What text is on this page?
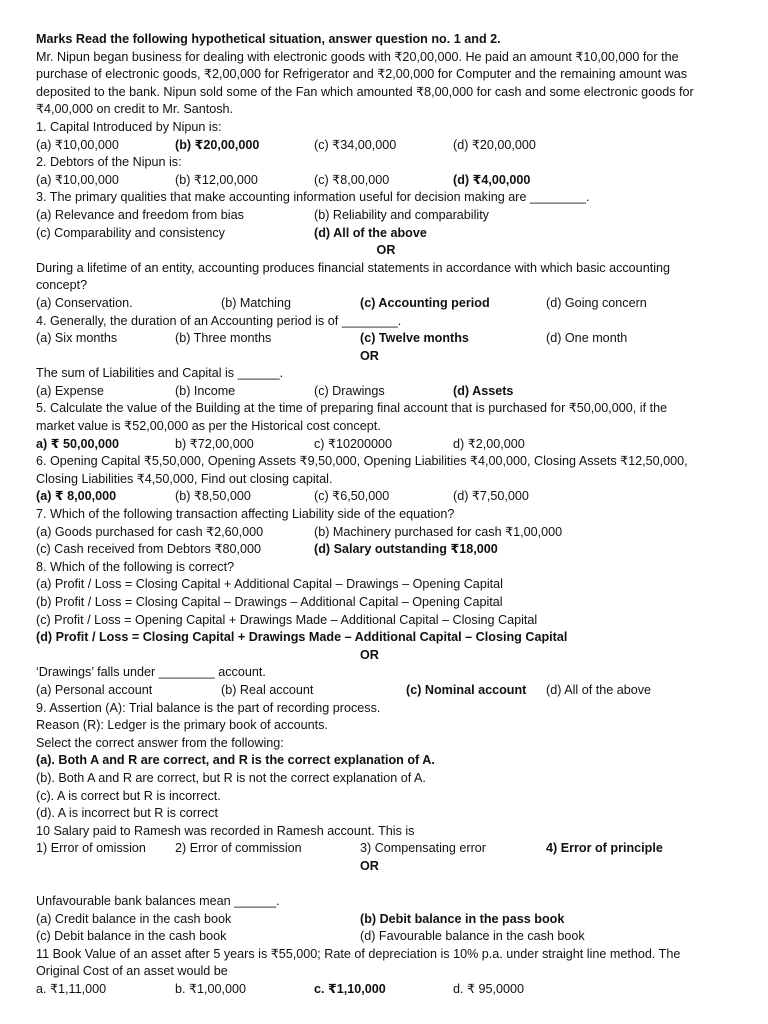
Marks Read the following hypothetical situation, answer question no. 1 and 2.
Mr. Nipun began business for dealing with electronic goods with ₹20,00,000. He paid an amount ₹10,00,000 for the
purchase of electronic goods, ₹2,00,000 for Refrigerator and ₹2,00,000 for Computer and the remaining amount was
deposited to the bank. Nipun sold some of the Fan which amounted ₹8,00,000 for cash and some electronic goods for
₹4,00,000 on credit to Mr. Santosh.
1. Capital Introduced by Nipun is:
(a) ₹10,00,000	(b) ₹20,00,000	(c) ₹34,00,000	(d) ₹20,00,000
2. Debtors of the Nipun is:
(a) ₹10,00,000	(b) ₹12,00,000	(c) ₹8,00,000	(d) ₹4,00,000
3. The primary qualities that make accounting information useful for decision making are ________.
(a) Relevance and freedom from bias	(b) Reliability and comparability
(c) Comparability and consistency	(d) All of the above
OR
During a lifetime of an entity, accounting produces financial statements in accordance with which basic accounting
concept?
(a) Conservation.	(b) Matching	(c) Accounting period	(d) Going concern
4. Generally, the duration of an Accounting period is of ________.
(a) Six months	(b) Three months	(c) Twelve months	(d) One month
OR
The sum of Liabilities and Capital is ______.
(a) Expense	(b) Income	(c) Drawings	(d) Assets
5. Calculate the value of the Building at the time of preparing final account that is purchased for ₹50,00,000, if the
market value is ₹52,00,000 as per the Historical cost concept.
a) ₹ 50,00,000	b) ₹72,00,000	c) ₹10200000	d) ₹2,00,000
6. Opening Capital ₹5,50,000, Opening Assets ₹9,50,000, Opening Liabilities ₹4,00,000, Closing Assets ₹12,50,000,
Closing Liabilities ₹4,50,000, Find out closing capital.
(a) ₹ 8,00,000	(b) ₹8,50,000	(c) ₹6,50,000	(d) ₹7,50,000
7. Which of the following transaction affecting Liability side of the equation?
(a) Goods purchased for cash ₹2,60,000	(b) Machinery purchased for cash ₹1,00,000
(c) Cash received from Debtors ₹80,000	(d) Salary outstanding ₹18,000
8. Which of the following is correct?
(a) Profit / Loss = Closing Capital + Additional Capital – Drawings – Opening Capital
(b) Profit / Loss = Closing Capital – Drawings – Additional Capital – Opening Capital
(c) Profit / Loss = Opening Capital + Drawings Made – Additional Capital – Closing Capital
(d) Profit / Loss = Closing Capital + Drawings Made – Additional Capital – Closing Capital
OR
‘Drawings’ falls under ________ account.
(a) Personal account	(b) Real account	(c) Nominal account (d) All of the above
9. Assertion (A): Trial balance is the part of recording process.
Reason (R): Ledger is the primary book of accounts.
Select the correct answer from the following:
(a). Both A and R are correct, and R is the correct explanation of A.
(b). Both A and R are correct, but R is not the correct explanation of A.
(c). A is correct but R is incorrect.
(d). A is incorrect but R is correct
10 Salary paid to Ramesh was recorded in Ramesh account. This is
1) Error of omission 2) Error of commission	3) Compensating error	4) Error of principle
OR
Unfavourable bank balances mean ______.
(a) Credit balance in the cash book	(b) Debit balance in the pass book
(c) Debit balance in the cash book	(d) Favourable balance in the cash book
11 Book Value of an asset after 5 years is ₹55,000; Rate of depreciation is 10% p.a. under straight line method. The
Original Cost of an asset would be
a. ₹1,11,000	b. ₹1,00,000	c. ₹1,10,000	d. ₹ 95,0000
